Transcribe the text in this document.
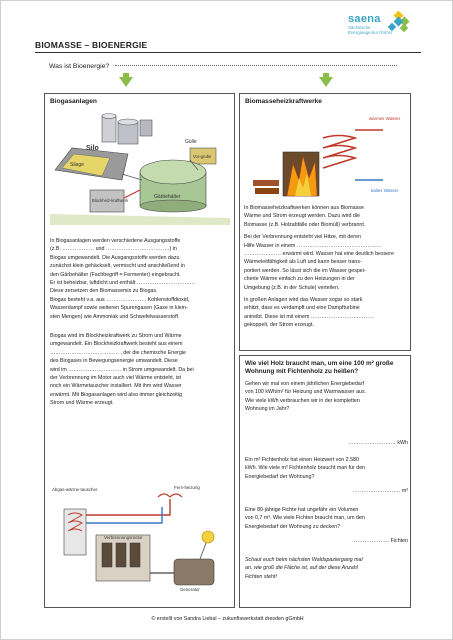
saena
Sächsische
Energieagentur GmbH
BIOMASSE – BIOENERGIE
Was ist Bioenergie?
Biogasanlagen
Silo
Silage
Gülle
Vor-grube
Gärbehälter
Blockheiz-kraftwerk
In Biogasanlagen werden verschiedene Ausgangsstoffe
(z.B. ……………… und ………………………………) in
Biogas umgewandelt. Die Ausgangsstoffe werden dazu
zunächst klein gehäckselt, vermischt und anschließend in
den Gärbehälter (Fachbegriff = Fermenter) eingebracht.
Er ist beheizbar, luftdicht und enthält ……………………………
Diese zersetzen den Biomassemix zu Biogas.
Biogas besteht v.a. aus ………………… , Kohlenstoffdioxid,
Wasserdampf sowie weiteren Spurengasen (Gase in klein-
sten Mengen) wie Ammoniak und Schwefelwasserstoff.
Biogas wird im Blockheizkraftwerk zu Strom und Wärme
umgewandelt. Ein Blockheizkraftwerk besteht aus einem
………………………………… , der die chemische Energie
des Biogases in Bewegungsenergie umwandelt. Diese
wird im ………………………… in Strom umgewandelt. Da bei
der Verbrennung im Motor auch viel Wärme entsteht, ist
noch ein Wärmetauscher installiert. Mit ihm wird Wasser
erwärmt. Mit Biogasanlagen wird also immer gleichzeitig
Strom und Wärme erzeugt.
Abgas-wärme-tauscher	Fern-heizung
Verbrennungsmotor
Generator
Biomasseheizkraftwerke
warmes Wasser
kaltes Wasser
In Biomasseheizkraftwerken können aus Biomasse
Wärme und Strom erzeugt werden. Dazu wird die
Biomasse (z.B. Holzabfälle oder Biomüll) verbrannt.
Bei der Verbrennung entsteht viel Hitze, mit deren
Hilfe Wasser in einem …………………………………………
………………… erwärmt wird. Wasser hat eine deutlich bessere
Wärmeleitfähigkeit als Luft und kann besser trans-
portiert werden. So lässt sich die im Wasser gespei-
cherte Wärme einfach zu den Heizungen in der
Umgebung (z.B. in der Schule) verteilen.
In großen Anlagen wird das Wasser sogar so stark
erhitzt, dass es verdampft und eine Dampfturbine
antreibt. Diese ist mit einem ………………………………
gekoppelt, der Strom erzeugt.
Wie viel Holz braucht man, um eine 100 m² große Wohnung mit Fichtenholz zu heißen?
Gehen wir mal von einem jährlichen Energiebedarf
von 100 kWh/m² für Heizung und Warmwasser aus.
Wie viele kWh verbrauchen wir in der kompletten
Wohnung im Jahr?
……………………… kWh
Ein m³ Fichtenholz hat einen Heizwert von 2.580
kWh. Wie viele m³ Fichtenholz braucht man für den
Energiebedarf der Wohnung?
……………………… m³
Eine 80-jährige Fichte hat ungefähr ein Volumen
von 0,7 m³. Wie viele Fichten braucht man, um den
Energiebedarf der Wohnung zu decken?
………………… Fichten
Schaut euch beim nächsten Waldspaziergang mal
an, wie groß die Fläche ist, auf der diese Anzahl
Fichten steht!
© erstellt von Sandra Liebal – zukunftswerkstatt dresden gGmbH
